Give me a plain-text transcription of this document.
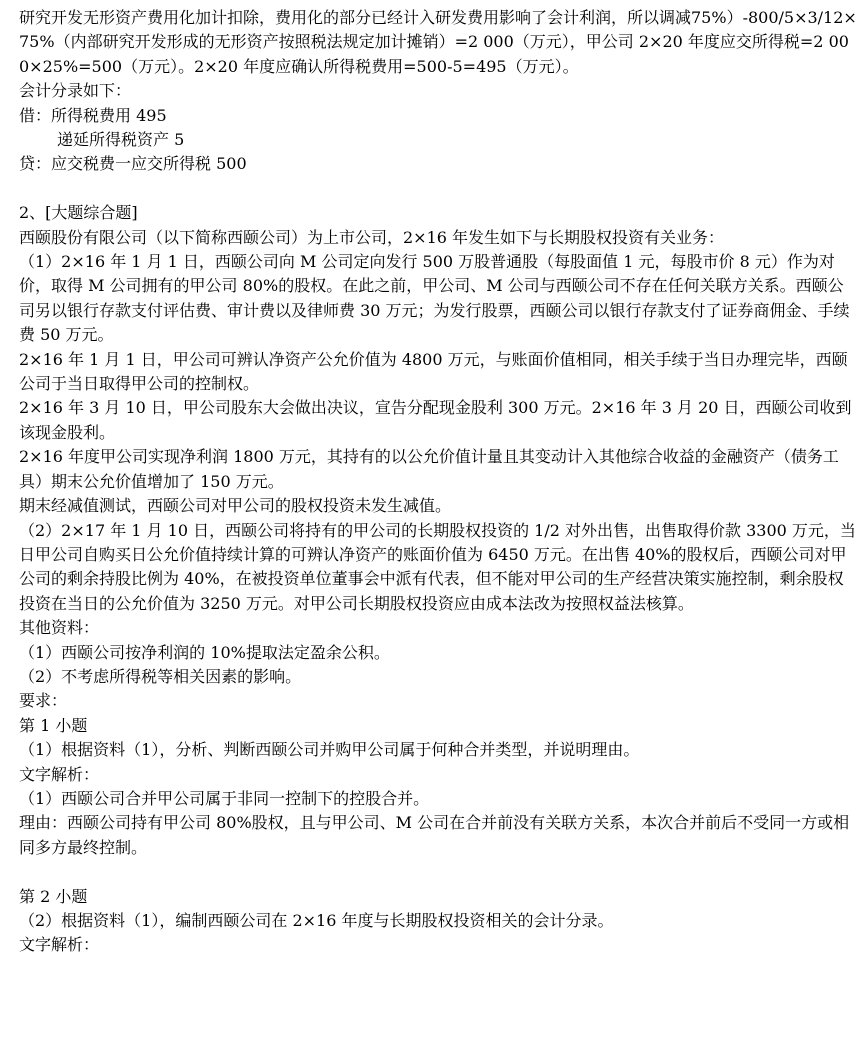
研究开发无形资产费用化加计扣除，费用化的部分已经计入研发费用影响了会计利润，所以调减75%）-800/5×3/12×75%（内部研究开发形成的无形资产按照税法规定加计摊销）=2 000（万元），甲公司 2×20 年度应交所得税=2 000×25%=500（万元）。2×20 年度应确认所得税费用=500-5=495（万元）。

会计分录如下：

借：所得税费用 495

递延所得税资产 5

贷：应交税费一应交所得税 500

2、[大题综合题]

西颐股份有限公司（以下简称西颐公司）为上市公司，2×16 年发生如下与长期股权投资有关业务：

（1）2×16 年 1 月 1 日，西颐公司向 M 公司定向发行 500 万股普通股（每股面值 1 元，每股市价 8 元）作为对价，取得 M 公司拥有的甲公司 80%的股权。在此之前，甲公司、M 公司与西颐公司不存在任何关联方关系。西颐公司另以银行存款支付评估费、审计费以及律师费 30 万元；为发行股票，西颐公司以银行存款支付了证券商佣金、手续费 50 万元。

2×16 年 1 月 1 日，甲公司可辨认净资产公允价值为 4800 万元，与账面价值相同，相关手续于当日办理完毕，西颐公司于当日取得甲公司的控制权。

2×16 年 3 月 10 日，甲公司股东大会做出决议，宣告分配现金股利 300 万元。2×16 年 3 月 20 日，西颐公司收到该现金股利。

2×16 年度甲公司实现净利润 1800 万元，其持有的以公允价值计量且其变动计入其他综合收益的金融资产（债务工具）期末公允价值增加了 150 万元。

期末经减值测试，西颐公司对甲公司的股权投资未发生减值。

（2）2×17 年 1 月 10 日，西颐公司将持有的甲公司的长期股权投资的 1/2 对外出售，出售取得价款 3300 万元，当日甲公司自购买日公允价值持续计算的可辨认净资产的账面价值为 6450 万元。在出售 40%的股权后，西颐公司对甲公司的剩余持股比例为 40%，在被投资单位董事会中派有代表，但不能对甲公司的生产经营决策实施控制，剩余股权投资在当日的公允价值为 3250 万元。对甲公司长期股权投资应由成本法改为按照权益法核算。

其他资料：

（1）西颐公司按净利润的 10%提取法定盈余公积。

（2）不考虑所得税等相关因素的影响。

要求：

第 1 小题

（1）根据资料（1），分析、判断西颐公司并购甲公司属于何种合并类型，并说明理由。

文字解析：

（1）西颐公司合并甲公司属于非同一控制下的控股合并。

理由：西颐公司持有甲公司 80%股权，且与甲公司、M 公司在合并前没有关联方关系，本次合并前后不受同一方或相同多方最终控制。

第 2 小题

（2）根据资料（1），编制西颐公司在 2×16 年度与长期股权投资相关的会计分录。

文字解析：
